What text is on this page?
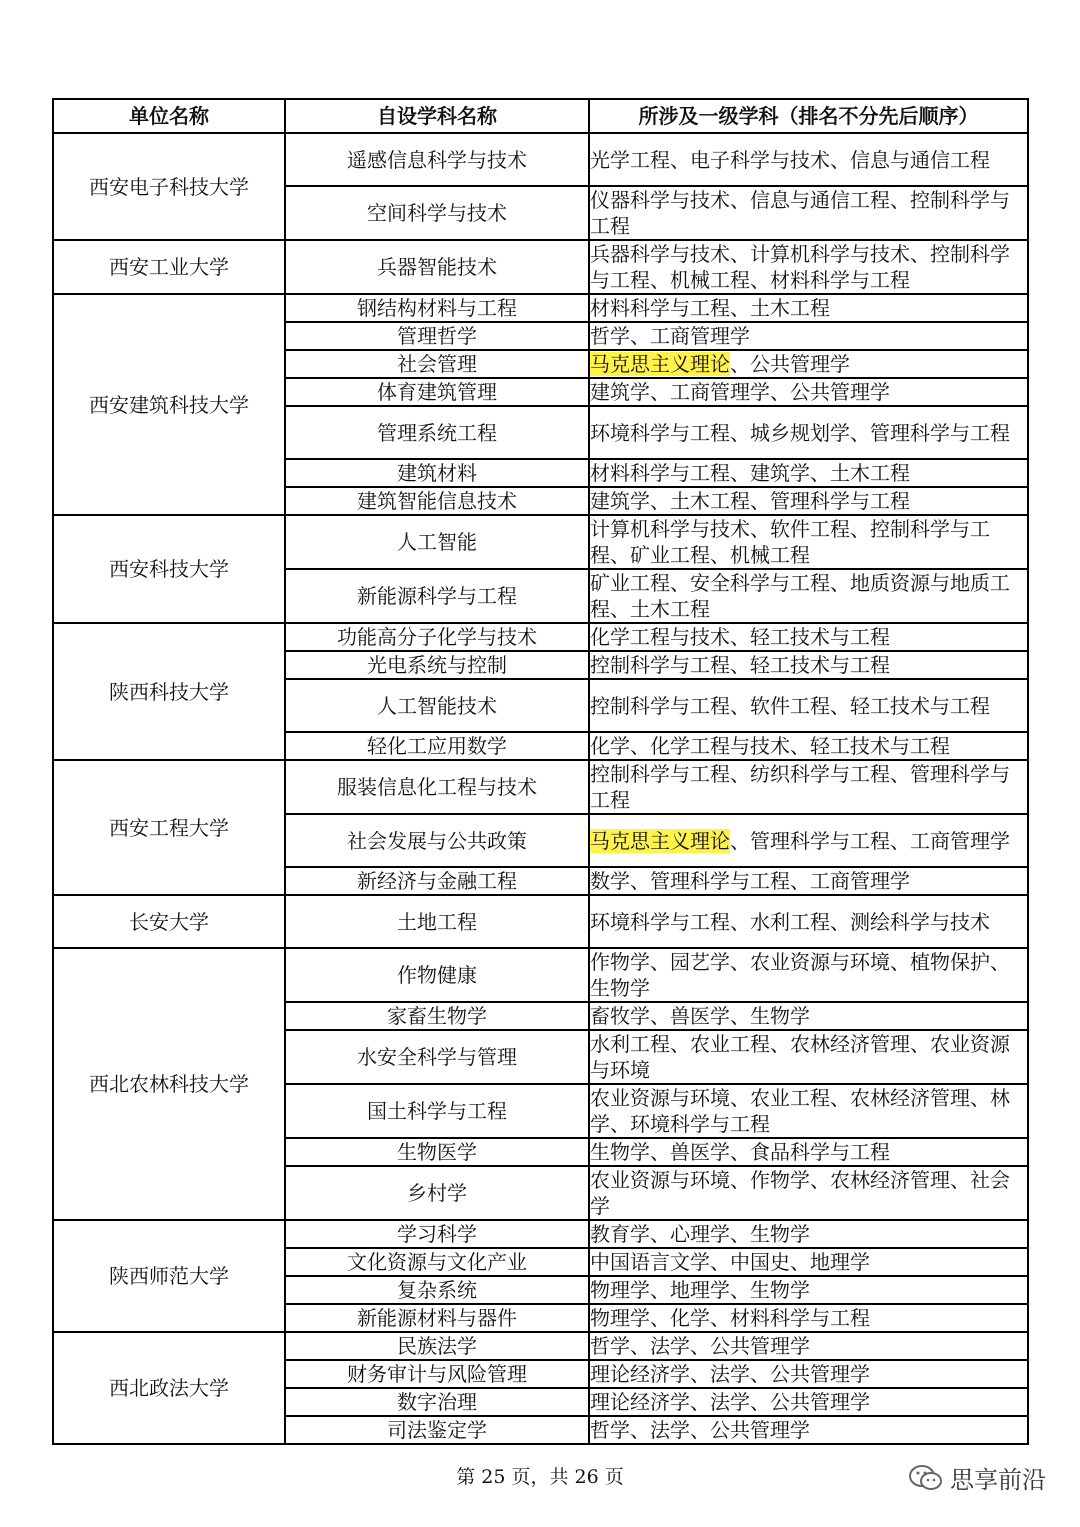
单位名称	自设学科名称	所涉及一级学科（排名不分先后顺序）
西安电子科技大学	遥感信息科学与技术	光学工程、电子科学与技术、信息与通信工程
	空间科学与技术	仪器科学与技术、信息与通信工程、控制科学与工程
西安工业大学	兵器智能技术	兵器科学与技术、计算机科学与技术、控制科学与工程、机械工程、材料科学与工程
西安建筑科技大学	钢结构材料与工程	材料科学与工程、土木工程
	管理哲学	哲学、工商管理学
	社会管理	马克思主义理论、公共管理学
	体育建筑管理	建筑学、工商管理学、公共管理学
	管理系统工程	环境科学与工程、城乡规划学、管理科学与工程
	建筑材料	材料科学与工程、建筑学、土木工程
	建筑智能信息技术	建筑学、土木工程、管理科学与工程
西安科技大学	人工智能	计算机科学与技术、软件工程、控制科学与工程、矿业工程、机械工程
	新能源科学与工程	矿业工程、安全科学与工程、地质资源与地质工程、土木工程
陕西科技大学	功能高分子化学与技术	化学工程与技术、轻工技术与工程
	光电系统与控制	控制科学与工程、轻工技术与工程
	人工智能技术	控制科学与工程、软件工程、轻工技术与工程
	轻化工应用数学	化学、化学工程与技术、轻工技术与工程
西安工程大学	服装信息化工程与技术	控制科学与工程、纺织科学与工程、管理科学与工程
	社会发展与公共政策	马克思主义理论、管理科学与工程、工商管理学
	新经济与金融工程	数学、管理科学与工程、工商管理学
长安大学	土地工程	环境科学与工程、水利工程、测绘科学与技术
西北农林科技大学	作物健康	作物学、园艺学、农业资源与环境、植物保护、生物学
	家畜生物学	畜牧学、兽医学、生物学
	水安全科学与管理	水利工程、农业工程、农林经济管理、农业资源与环境
	国土科学与工程	农业资源与环境、农业工程、农林经济管理、林学、环境科学与工程
	生物医学	生物学、兽医学、食品科学与工程
	乡村学	农业资源与环境、作物学、农林经济管理、社会学
陕西师范大学	学习科学	教育学、心理学、生物学
	文化资源与文化产业	中国语言文学、中国史、地理学
	复杂系统	物理学、地理学、生物学
	新能源材料与器件	物理学、化学、材料科学与工程
西北政法大学	民族法学	哲学、法学、公共管理学
	财务审计与风险管理	理论经济学、法学、公共管理学
	数字治理	理论经济学、法学、公共管理学
	司法鉴定学	哲学、法学、公共管理学
第 25 页，共 26 页	思享前沿
